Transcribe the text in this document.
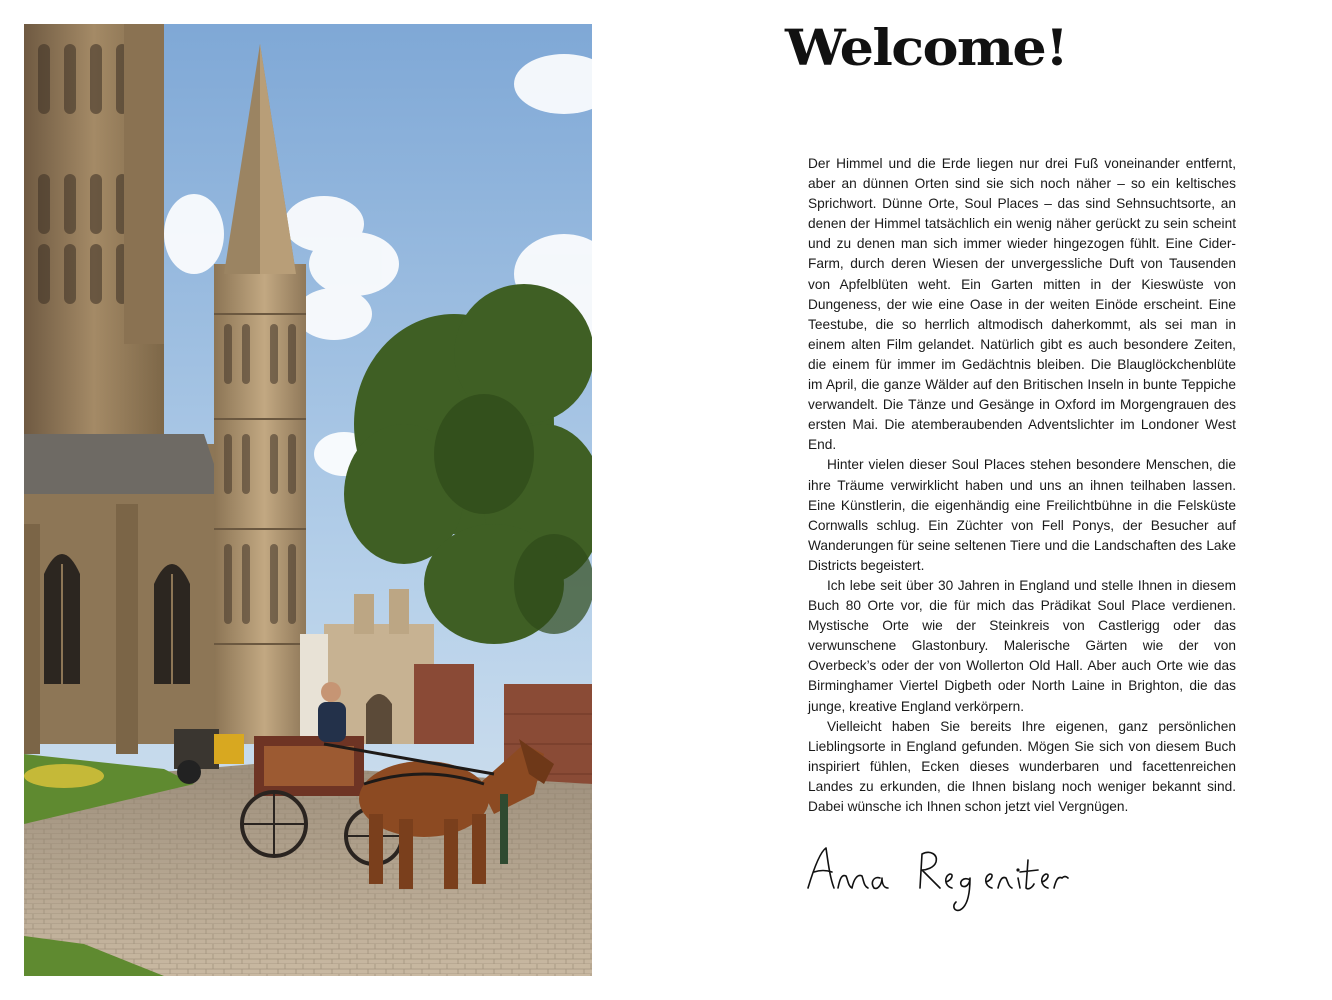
Welcome!

Der Himmel und die Erde liegen nur drei Fuß voneinander entfernt, aber an dünnen Orten sind sie sich noch näher – so ein keltisches Sprichwort. Dünne Orte, Soul Places – das sind Sehnsuchtsorte, an denen der Himmel tatsächlich ein wenig näher gerückt zu sein scheint und zu denen man sich immer wieder hingezogen fühlt. Eine Cider-Farm, durch deren Wiesen der unvergessliche Duft von Tausenden von Apfelblüten weht. Ein Garten mitten in der Kieswüste von Dungeness, der wie eine Oase in der weiten Einöde erscheint. Eine Teestube, die so herrlich altmodisch daherkommt, als sei man in einem alten Film gelandet. Natürlich gibt es auch besondere Zeiten, die einem für immer im Gedächtnis bleiben. Die Blauglöckchenblüte im April, die ganze Wälder auf den Britischen Inseln in bunte Teppiche verwandelt. Die Tänze und Gesänge in Oxford im Morgengrauen des ersten Mai. Die atemberaubenden Adventslichter im Londoner West End.

Hinter vielen dieser Soul Places stehen besondere Menschen, die ihre Träume verwirklicht haben und uns an ihnen teilhaben lassen. Eine Künstlerin, die eigenhändig eine Freilichtbühne in die Felsküste Cornwalls schlug. Ein Züchter von Fell Ponys, der Besucher auf Wanderungen für seine seltenen Tiere und die Landschaften des Lake Districts begeistert.

Ich lebe seit über 30 Jahren in England und stelle Ihnen in diesem Buch 80 Orte vor, die für mich das Prädikat Soul Place verdienen. Mystische Orte wie der Steinkreis von Castlerigg oder das verwunschene Glastonbury. Malerische Gärten wie der von Overbeck’s oder der von Wollerton Old Hall. Aber auch Orte wie das Birminghamer Viertel Digbeth oder North Laine in Brighton, die das junge, kreative England verkörpern.

Vielleicht haben Sie bereits Ihre eigenen, ganz persönlichen Lieblingsorte in England gefunden. Mögen Sie sich von diesem Buch inspiriert fühlen, Ecken dieses wunderbaren und facettenreichen Landes zu erkunden, die Ihnen bislang noch weniger bekannt sind. Dabei wünsche ich Ihnen schon jetzt viel Vergnügen.
